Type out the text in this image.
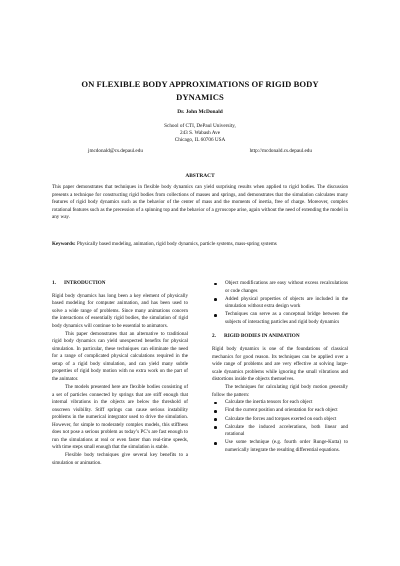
ON FLEXIBLE BODY APPROXIMATIONS OF RIGID BODY DYNAMICS

Dr. John McDonald

School of CTI, DePaul University,
243 S. Wabash Ave
Chicago, IL 60706 USA
jmcdonald@cs.depaul.edu	http://mcdonald.cs.depaul.edu
ABSTRACT

This paper demonstrates that techniques in flexible body dynamics can yield surprising results when applied to rigid bodies. The discussion presents a technique for constructing rigid bodies from collections of masses and springs, and demonstrates that the simulation calculates many features of rigid body dynamics such as the behavior of the center of mass and the moments of inertia, free of charge. Moreover, complex rotational features such as the precession of a spinning top and the behavior of a gyroscope arise, again without the need of extending the model in any way.

Keywords: Physically based modeling, animation, rigid body dynamics, particle systems, mass-spring systems

1. INTRODUCTION

Rigid body dynamics has long been a key element of physically based modeling for computer animation, and has been used to solve a wide range of problems. Since many animations concern the interactions of essentially rigid bodies, the simulation of rigid body dynamics will continue to be essential to animators.

This paper demonstrates that an alternative to traditional rigid body dynamics can yield unexpected benefits for physical simulation. In particular, these techniques can eliminate the need for a range of complicated physical calculations required in the setup of a rigid body simulation, and can yield many subtle properties of rigid body motion with no extra work on the part of the animator.

The models presented here are flexible bodies consisting of a set of particles connected by springs that are stiff enough that internal vibrations in the objects are below the threshold of onscreen visibility. Stiff springs can cause serious instability problems in the numerical integrator used to drive the simulation. However, for simple to moderately complex models, this stiffness does not pose a serious problem as today’s PC’s are fast enough to run the simulations at real or even faster than real-time speeds, with time steps small enough that the simulation is stable.

Flexible body techniques give several key benefits to a simulation or animation.

Object modifications are easy without excess recalculations or code changes
Added physical properties of objects are included in the simulation without extra design work
Techniques can serve as a conceptual bridge between the subjects of interacting particles and rigid body dynamics
2. RIGID BODIES IN ANIMATION

Rigid body dynamics is one of the foundations of classical mechanics for good reason. Its techniques can be applied over a wide range of problems and are very effective at solving large-scale dynamics problems while ignoring the small vibrations and distortions inside the objects themselves.

The techniques for calculating rigid body motion generally follow the pattern:

Calculate the inertia tensors for each object
Find the current position and orientation for each object
Calculate the forces and torques exerted on each object
Calculate the induced accelerations, both linear and rotational
Use some technique (e.g. fourth order Runge-Kutta) to numerically integrate the resulting differential equations.
